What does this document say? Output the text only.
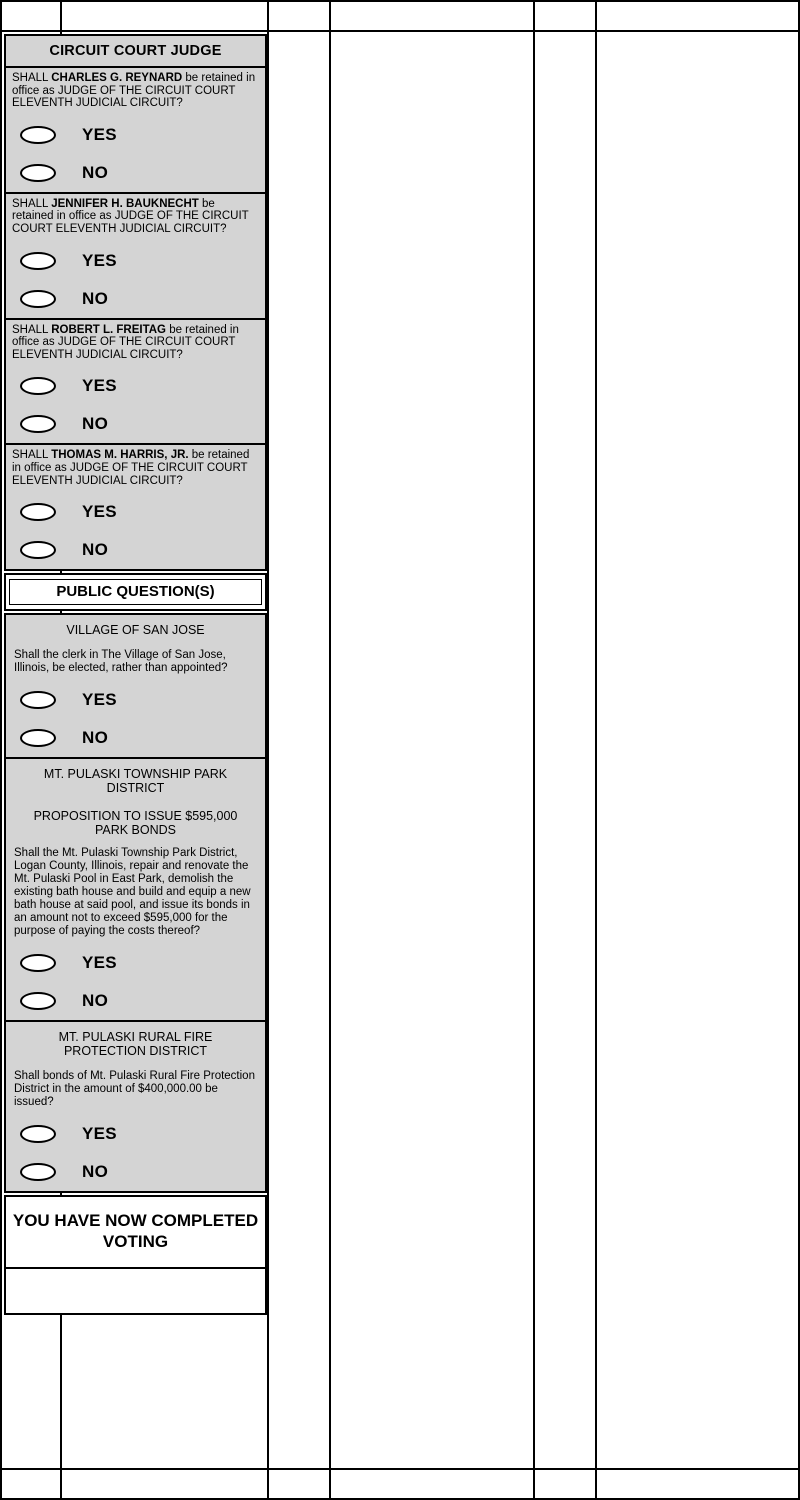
CIRCUIT COURT JUDGE
SHALL CHARLES G. REYNARD be retained in office as JUDGE OF THE CIRCUIT COURT ELEVENTH JUDICIAL CIRCUIT?
YES
NO
SHALL JENNIFER H. BAUKNECHT be retained in office as JUDGE OF THE CIRCUIT COURT ELEVENTH JUDICIAL CIRCUIT?
YES
NO
SHALL ROBERT L. FREITAG be retained in office as JUDGE OF THE CIRCUIT COURT ELEVENTH JUDICIAL CIRCUIT?
YES
NO
SHALL THOMAS M. HARRIS, JR. be retained in office as JUDGE OF THE CIRCUIT COURT ELEVENTH JUDICIAL CIRCUIT?
YES
NO
PUBLIC QUESTION(S)
VILLAGE OF SAN JOSE
Shall the clerk in The Village of San Jose, Illinois, be elected, rather than appointed?
YES
NO
MT. PULASKI TOWNSHIP PARK DISTRICT
PROPOSITION TO ISSUE $595,000 PARK BONDS
Shall the Mt. Pulaski Township Park District, Logan County, Illinois, repair and renovate the Mt. Pulaski Pool in East Park, demolish the existing bath house and build and equip a new bath house at said pool, and issue its bonds in an amount not to exceed $595,000 for the purpose of paying the costs thereof?
YES
NO
MT. PULASKI RURAL FIRE PROTECTION DISTRICT
Shall bonds of Mt. Pulaski Rural Fire Protection District in the amount of $400,000.00 be issued?
YES
NO
YOU HAVE NOW COMPLETED VOTING
